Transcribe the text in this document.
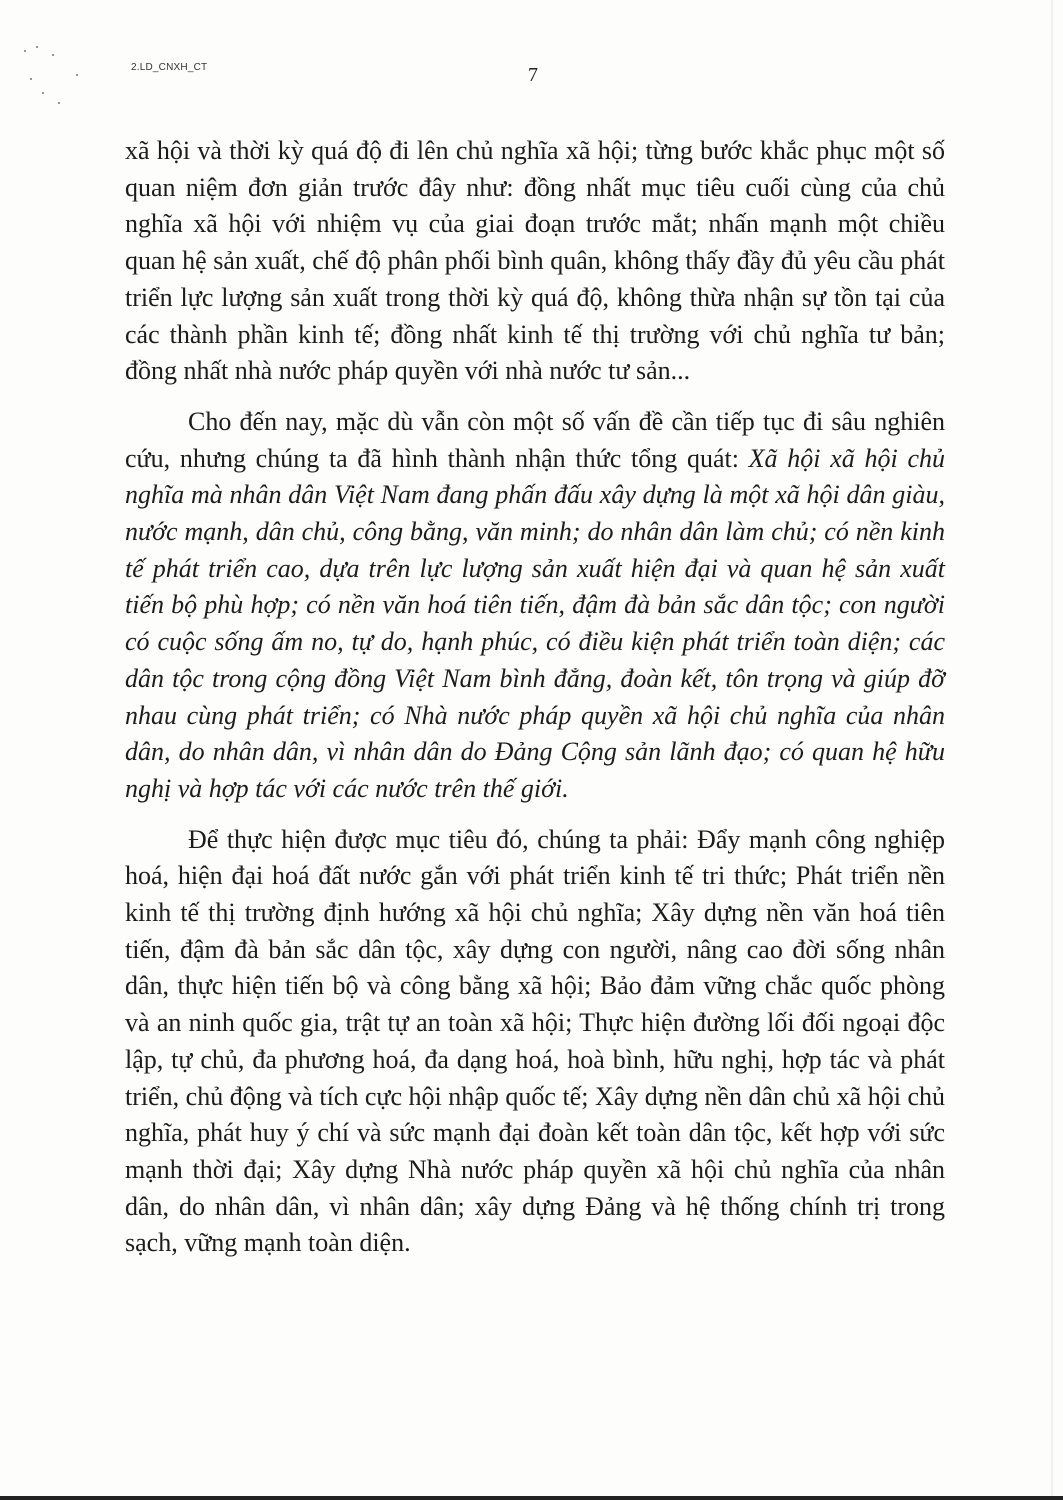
2.LD_CNXH_CT	7

xã hội và thời kỳ quá độ đi lên chủ nghĩa xã hội; từng bước khắc phục một số quan niệm đơn giản trước đây như: đồng nhất mục tiêu cuối cùng của chủ nghĩa xã hội với nhiệm vụ của giai đoạn trước mắt; nhấn mạnh một chiều quan hệ sản xuất, chế độ phân phối bình quân, không thấy đầy đủ yêu cầu phát triển lực lượng sản xuất trong thời kỳ quá độ, không thừa nhận sự tồn tại của các thành phần kinh tế; đồng nhất kinh tế thị trường với chủ nghĩa tư bản; đồng nhất nhà nước pháp quyền với nhà nước tư sản...

Cho đến nay, mặc dù vẫn còn một số vấn đề cần tiếp tục đi sâu nghiên cứu, nhưng chúng ta đã hình thành nhận thức tổng quát: Xã hội xã hội chủ nghĩa mà nhân dân Việt Nam đang phấn đấu xây dựng là một xã hội dân giàu, nước mạnh, dân chủ, công bằng, văn minh; do nhân dân làm chủ; có nền kinh tế phát triển cao, dựa trên lực lượng sản xuất hiện đại và quan hệ sản xuất tiến bộ phù hợp; có nền văn hoá tiên tiến, đậm đà bản sắc dân tộc; con người có cuộc sống ấm no, tự do, hạnh phúc, có điều kiện phát triển toàn diện; các dân tộc trong cộng đồng Việt Nam bình đẳng, đoàn kết, tôn trọng và giúp đỡ nhau cùng phát triển; có Nhà nước pháp quyền xã hội chủ nghĩa của nhân dân, do nhân dân, vì nhân dân do Đảng Cộng sản lãnh đạo; có quan hệ hữu nghị và hợp tác với các nước trên thế giới.

Để thực hiện được mục tiêu đó, chúng ta phải: Đẩy mạnh công nghiệp hoá, hiện đại hoá đất nước gắn với phát triển kinh tế tri thức; Phát triển nền kinh tế thị trường định hướng xã hội chủ nghĩa; Xây dựng nền văn hoá tiên tiến, đậm đà bản sắc dân tộc, xây dựng con người, nâng cao đời sống nhân dân, thực hiện tiến bộ và công bằng xã hội; Bảo đảm vững chắc quốc phòng và an ninh quốc gia, trật tự an toàn xã hội; Thực hiện đường lối đối ngoại độc lập, tự chủ, đa phương hoá, đa dạng hoá, hoà bình, hữu nghị, hợp tác và phát triển, chủ động và tích cực hội nhập quốc tế; Xây dựng nền dân chủ xã hội chủ nghĩa, phát huy ý chí và sức mạnh đại đoàn kết toàn dân tộc, kết hợp với sức mạnh thời đại; Xây dựng Nhà nước pháp quyền xã hội chủ nghĩa của nhân dân, do nhân dân, vì nhân dân; xây dựng Đảng và hệ thống chính trị trong sạch, vững mạnh toàn diện.
